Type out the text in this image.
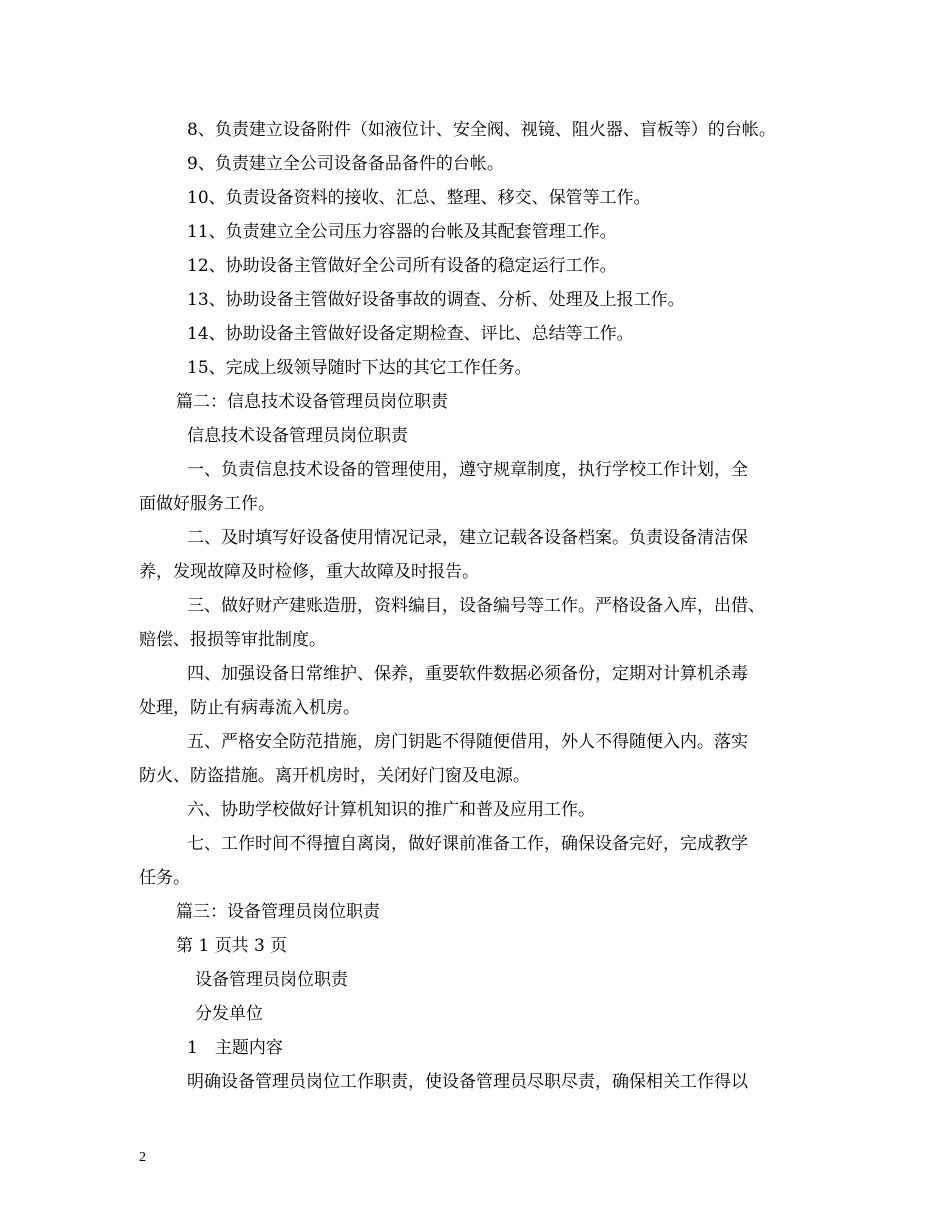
8、负责建立设备附件（如液位计、安全阀、视镜、阻火器、盲板等）的台帐。
9、负责建立全公司设备备品备件的台帐。
10、负责设备资料的接收、汇总、整理、移交、保管等工作。
11、负责建立全公司压力容器的台帐及其配套管理工作。
12、协助设备主管做好全公司所有设备的稳定运行工作。
13、协助设备主管做好设备事故的调查、分析、处理及上报工作。
14、协助设备主管做好设备定期检查、评比、总结等工作。
15、完成上级领导随时下达的其它工作任务。
篇二：信息技术设备管理员岗位职责
信息技术设备管理员岗位职责
一、负责信息技术设备的管理使用，遵守规章制度，执行学校工作计划，全
面做好服务工作。
二、及时填写好设备使用情况记录，建立记载各设备档案。负责设备清洁保
养，发现故障及时检修，重大故障及时报告。
三、做好财产建账造册，资料编目，设备编号等工作。严格设备入库，出借、
赔偿、报损等审批制度。
四、加强设备日常维护、保养，重要软件数据必须备份，定期对计算机杀毒
处理，防止有病毒流入机房。
五、严格安全防范措施，房门钥匙不得随便借用，外人不得随便入内。落实
防火、防盗措施。离开机房时，关闭好门窗及电源。
六、协助学校做好计算机知识的推广和普及应用工作。
七、工作时间不得擅自离岗，做好课前准备工作，确保设备完好，完成教学
任务。
篇三：设备管理员岗位职责
第 1 页共 3 页
设备管理员岗位职责
分发单位
1　主题内容
明确设备管理员岗位工作职责，使设备管理员尽职尽责，确保相关工作得以
2
